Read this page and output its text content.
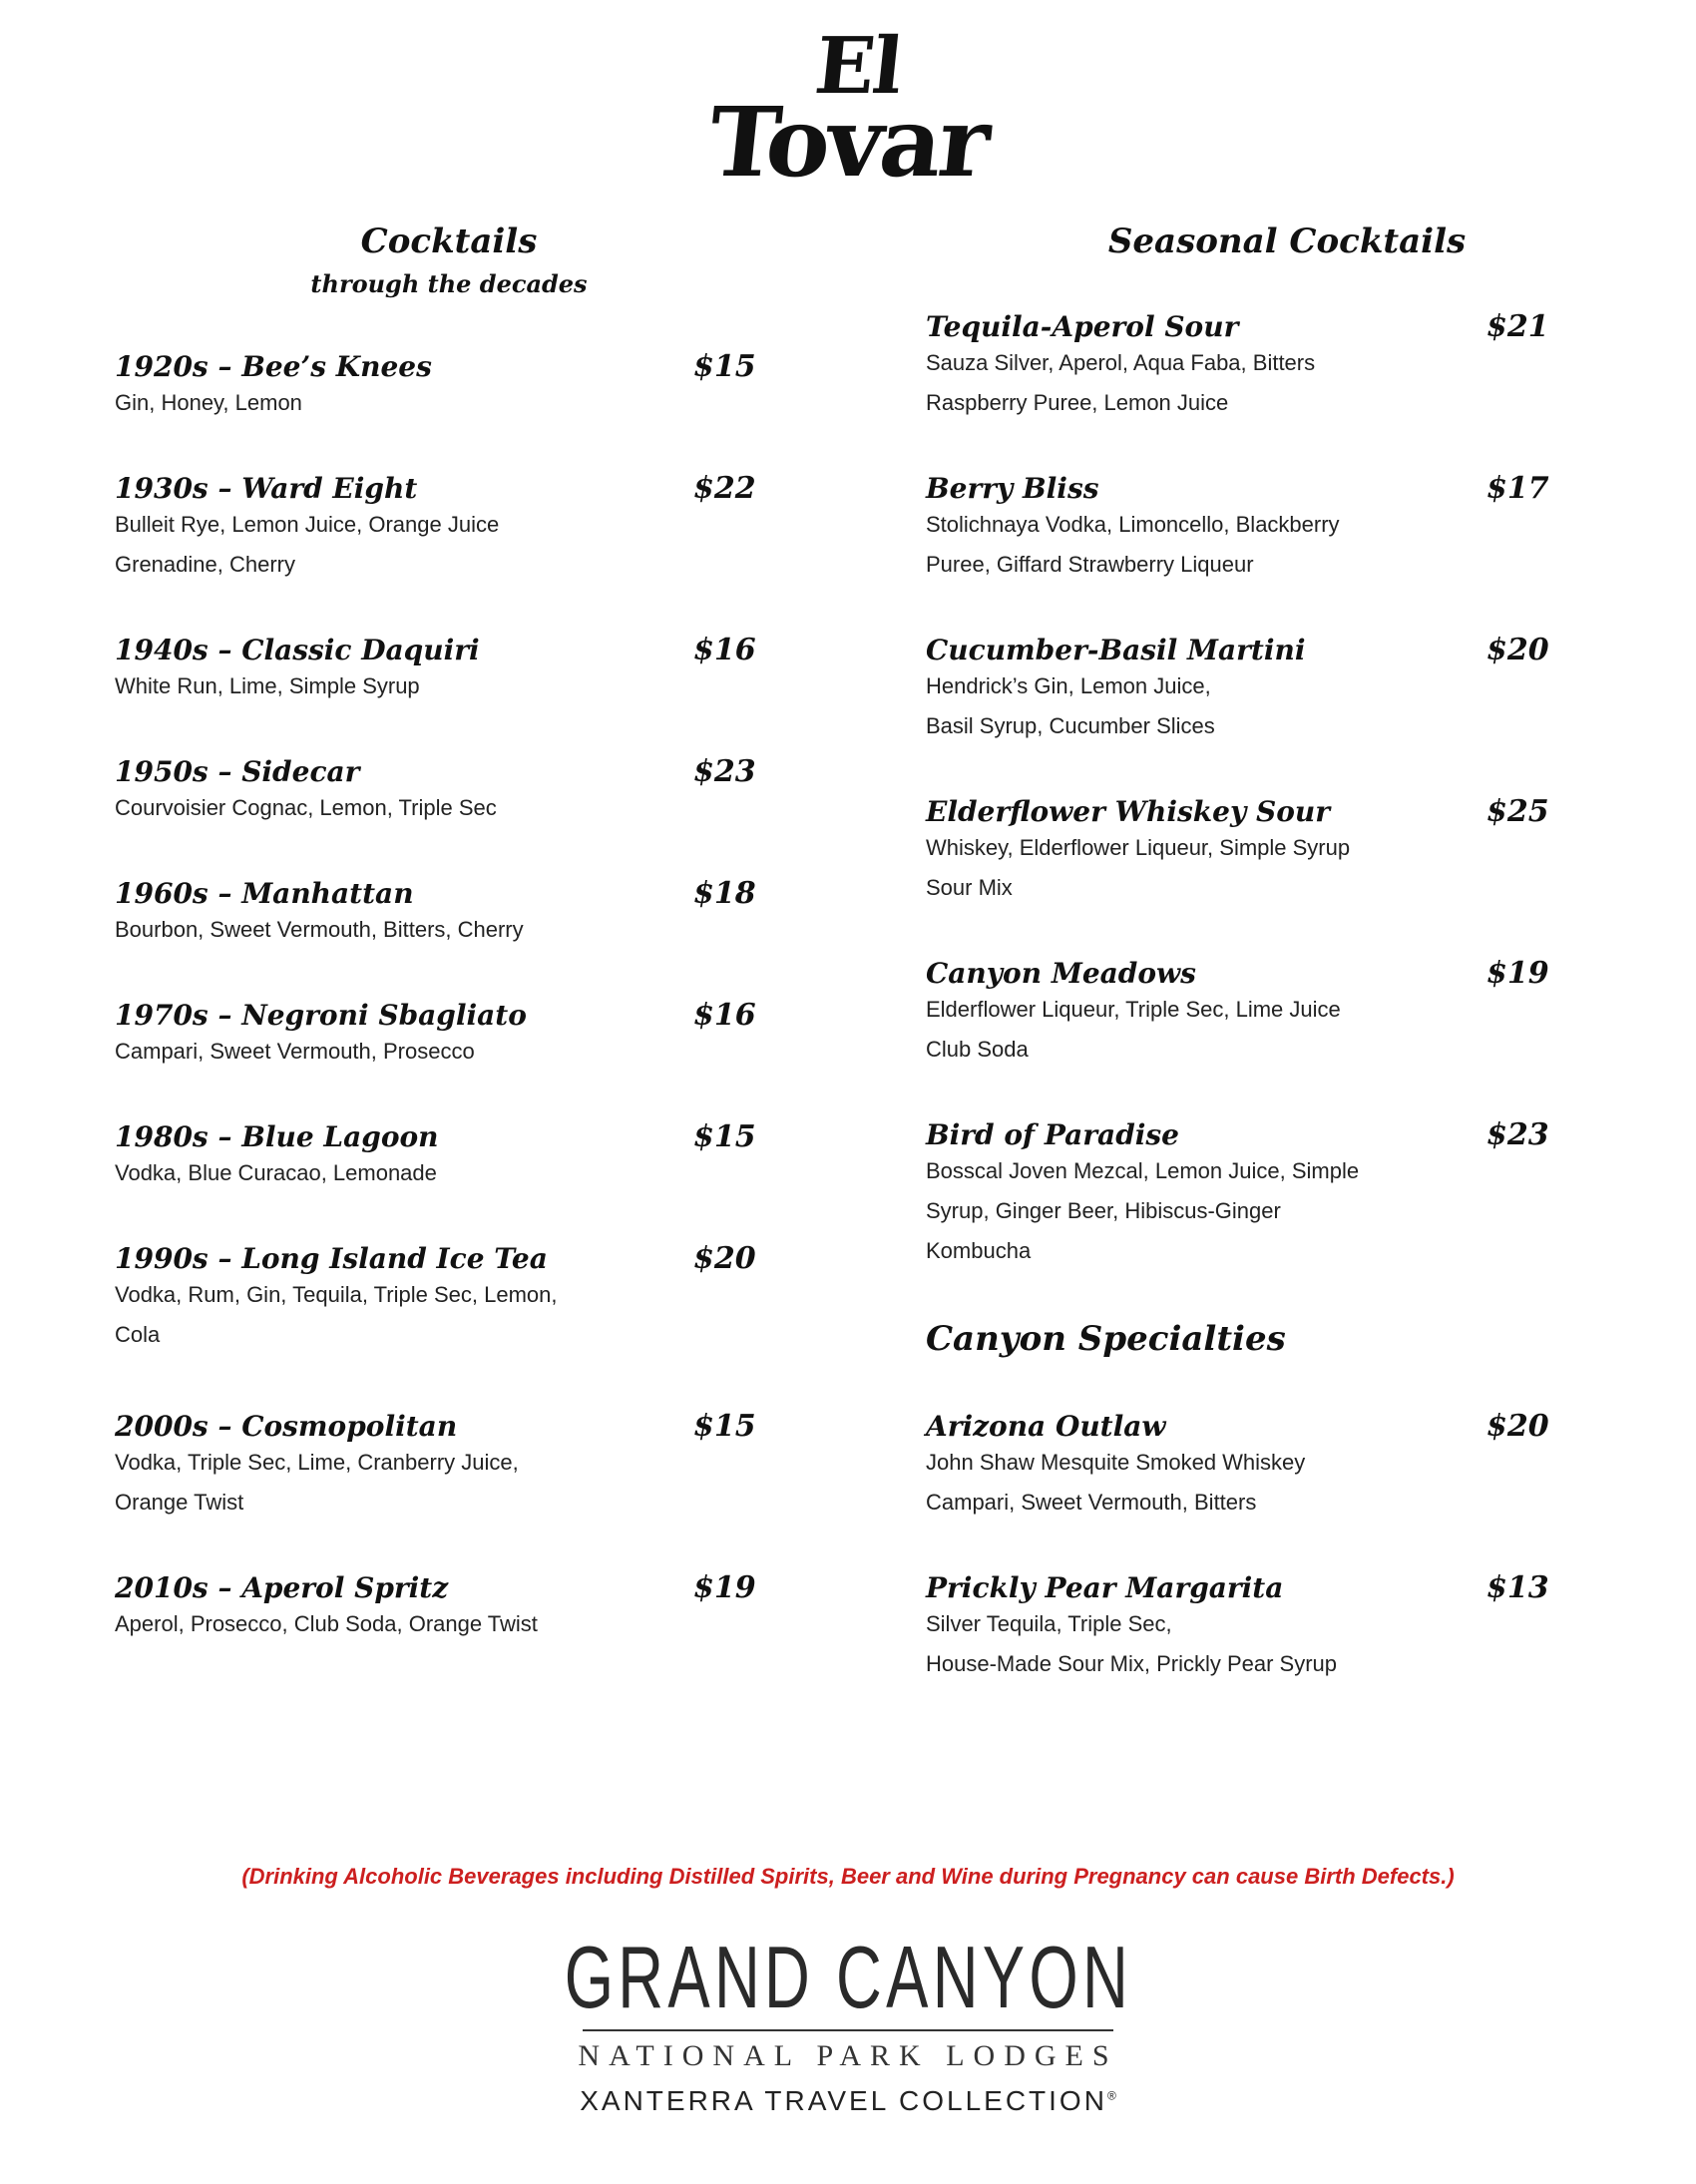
El
Tovar
Cocktails
through the decades
1920s – Bee’s Knees	$15
Gin, Honey, Lemon
1930s – Ward Eight	$22
Bulleit Rye, Lemon Juice, Orange Juice
Grenadine, Cherry
1940s – Classic Daquiri	$16
White Run, Lime, Simple Syrup
1950s – Sidecar	$23
Courvoisier Cognac, Lemon, Triple Sec
1960s – Manhattan	$18
Bourbon, Sweet Vermouth, Bitters, Cherry
1970s – Negroni Sbagliato	$16
Campari, Sweet Vermouth, Prosecco
1980s – Blue Lagoon	$15
Vodka, Blue Curacao, Lemonade
1990s – Long Island Ice Tea	$20
Vodka, Rum, Gin, Tequila, Triple Sec, Lemon,
Cola
2000s – Cosmopolitan	$15
Vodka, Triple Sec, Lime, Cranberry Juice,
Orange Twist
2010s – Aperol Spritz	$19
Aperol, Prosecco, Club Soda, Orange Twist
Seasonal Cocktails
Tequila-Aperol Sour	$21
Sauza Silver, Aperol, Aqua Faba, Bitters
Raspberry Puree, Lemon Juice
Berry Bliss	$17
Stolichnaya Vodka, Limoncello, Blackberry
Puree, Giffard Strawberry Liqueur
Cucumber-Basil Martini	$20
Hendrick’s Gin, Lemon Juice,
Basil Syrup, Cucumber Slices
Elderflower Whiskey Sour	$25
Whiskey, Elderflower Liqueur, Simple Syrup
Sour Mix
Canyon Meadows	$19
Elderflower Liqueur, Triple Sec, Lime Juice
Club Soda
Bird of Paradise	$23
Bosscal Joven Mezcal, Lemon Juice, Simple
Syrup, Ginger Beer, Hibiscus-Ginger
Kombucha
Canyon Specialties
Arizona Outlaw	$20
John Shaw Mesquite Smoked Whiskey
Campari, Sweet Vermouth, Bitters
Prickly Pear Margarita	$13
Silver Tequila, Triple Sec,
House-Made Sour Mix, Prickly Pear Syrup
(Drinking Alcoholic Beverages including Distilled Spirits, Beer and Wine during Pregnancy can cause Birth Defects.)
GRAND CANYON
NATIONAL PARK LODGES
XANTERRA TRAVEL COLLECTION®
